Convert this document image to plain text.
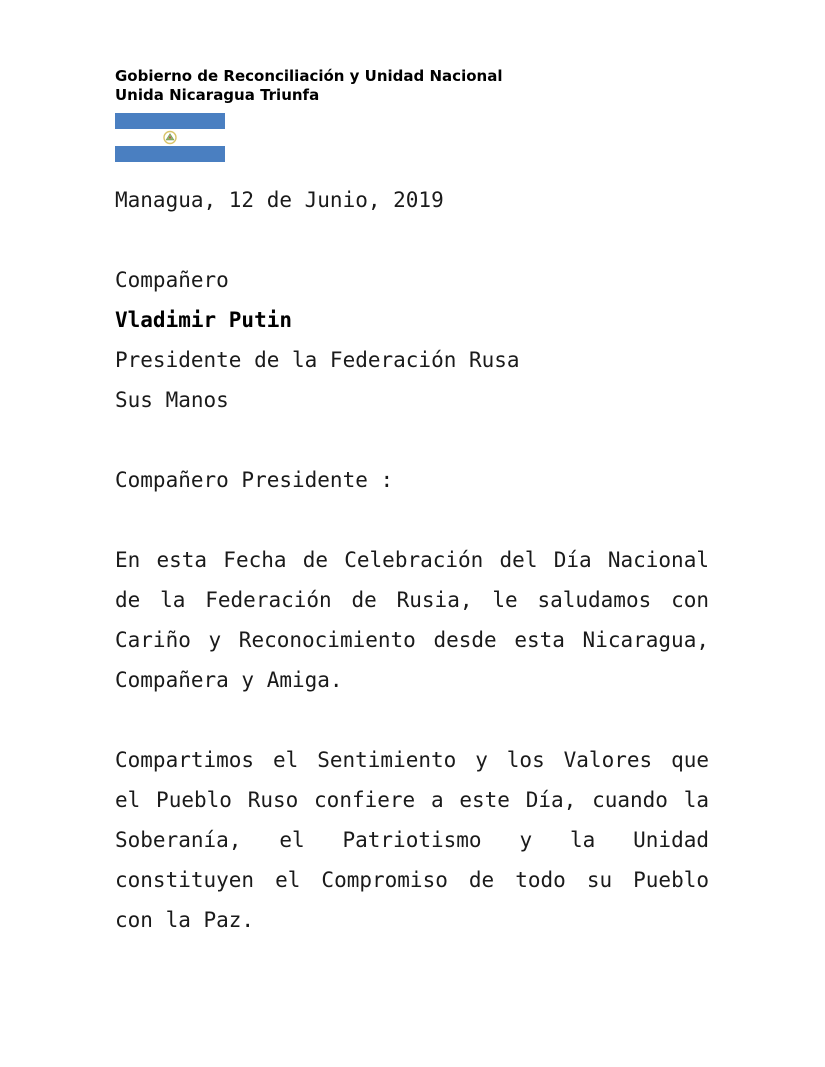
Gobierno de Reconciliación y Unidad Nacional
Unida Nicaragua Triunfa
Managua, 12 de Junio, 2019
Compañero
Vladimir Putin
Presidente de la Federación Rusa
Sus Manos
Compañero Presidente :

En esta Fecha de Celebración del Día Nacional de la Federación de Rusia, le saludamos con Cariño y Reconocimiento desde esta Nicaragua, Compañera y Amiga.

Compartimos el Sentimiento y los Valores que el Pueblo Ruso confiere a este Día, cuando la Soberanía, el Patriotismo y la Unidad constituyen el Compromiso de todo su Pueblo con la Paz.
